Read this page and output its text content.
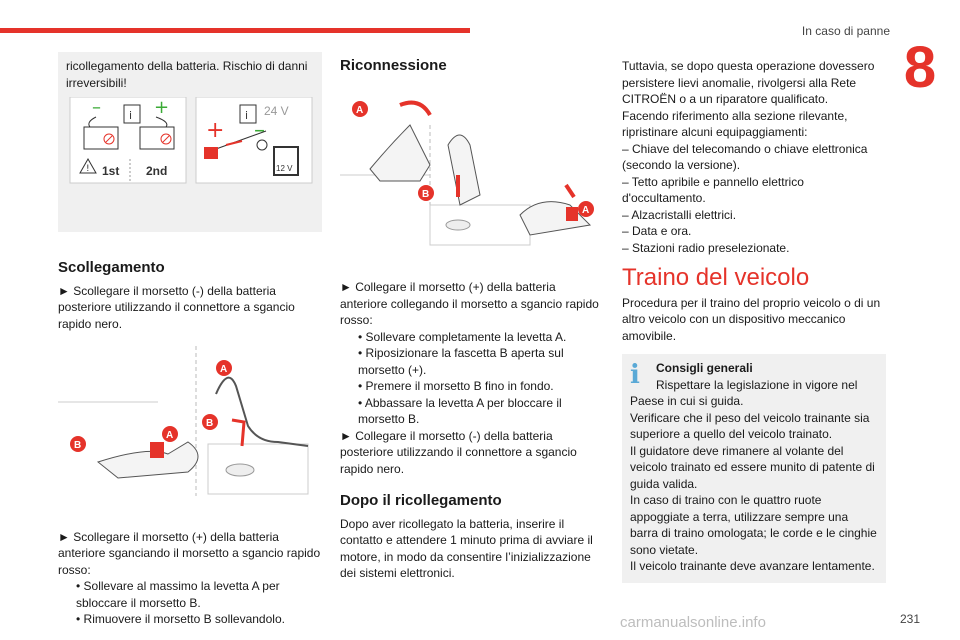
In caso di panne
8

ricollegamento della batteria. Rischio di danni irreversibili!

–	+
i
! 1st 2nd
i 24 V
+ –
12 V
Scollegamento

► Scollegare il morsetto (-) della batteria posteriore utilizzando il connettore a sgancio rapido nero.

A
B
B
A

► Scollegare il morsetto (+) della batteria anteriore sganciando il morsetto a sgancio rapido rosso:

• Sollevare al massimo la levetta A per sbloccare il morsetto B.

• Rimuovere il morsetto B sollevandolo.

Riconnessione
A
B
A

► Collegare il morsetto (+) della batteria anteriore collegando il morsetto a sgancio rapido rosso:

• Sollevare completamente la levetta A.

• Riposizionare la fascetta B aperta sul morsetto (+).

• Premere il morsetto B fino in fondo.

• Abbassare la levetta A per bloccare il morsetto B.

► Collegare il morsetto (-) della batteria posteriore utilizzando il connettore a sgancio rapido nero.

Dopo il ricollegamento

Dopo aver ricollegato la batteria, inserire il contatto e attendere 1 minuto prima di avviare il motore, in modo da consentire l’inizializzazione dei sistemi elettronici.

Tuttavia, se dopo questa operazione dovessero persistere lievi anomalie, rivolgersi alla Rete CITROËN o a un riparatore qualificato.

Facendo riferimento alla sezione rilevante, ripristinare alcuni equipaggiamenti:

– Chiave del telecomando o chiave elettronica (secondo la versione).

– Tetto apribile e pannello elettrico d'occultamento.

– Alzacristalli elettrici.

– Data e ora.

– Stazioni radio preselezionate.

Traino del veicolo

Procedura per il traino del proprio veicolo o di un altro veicolo con un dispositivo meccanico amovibile.

i	Consigli generali

Rispettare la legislazione in vigore nel Paese in cui si guida.

Verificare che il peso del veicolo trainante sia superiore a quello del veicolo trainato.

Il guidatore deve rimanere al volante del veicolo trainato ed essere munito di patente di guida valida.

In caso di traino con le quattro ruote appoggiate a terra, utilizzare sempre una barra di traino omologata; le corde e le cinghie sono vietate.

Il veicolo trainante deve avanzare lentamente.

carmanualsonline.info	231
